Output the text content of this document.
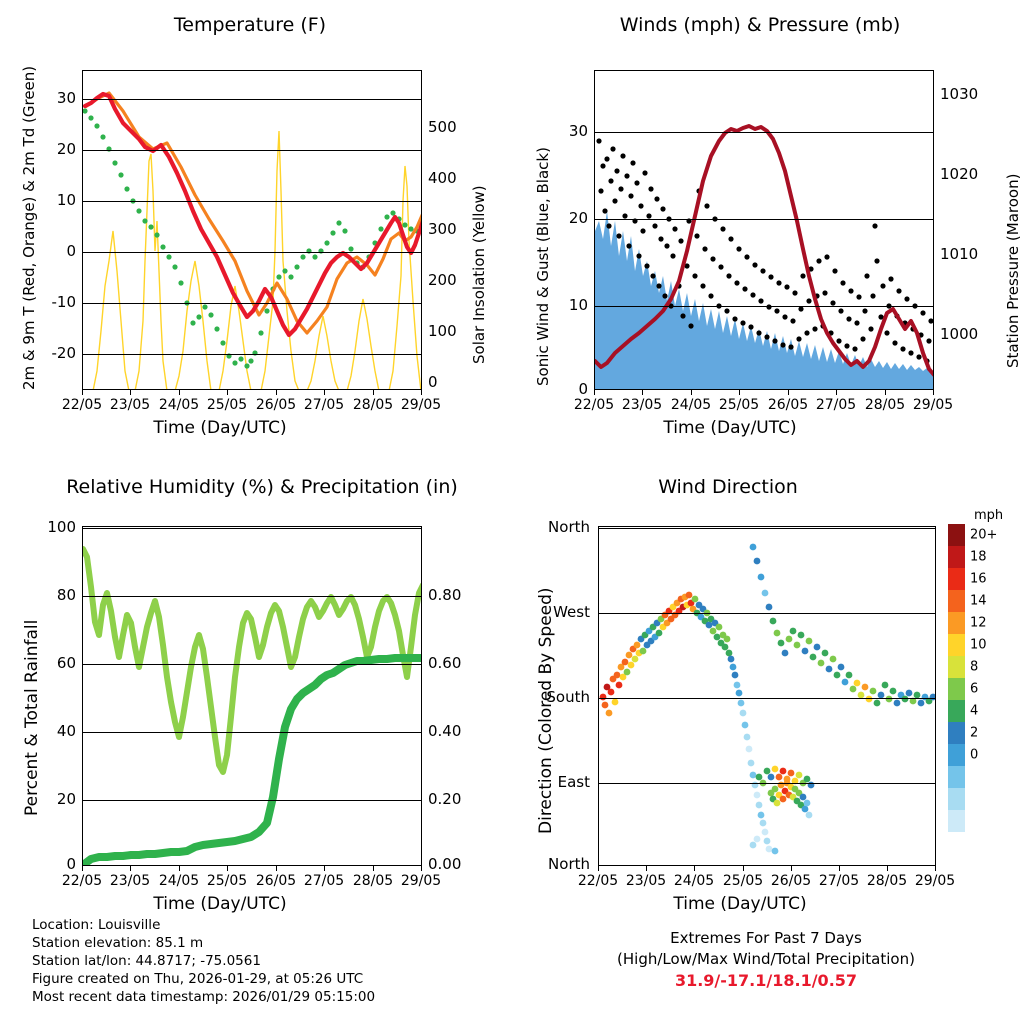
Temperature (F)
2m & 9m T (Red, Orange) & 2m Td (Green)	Solar Insolation (Yellow)
30
20
10
0
-10
-20
500
400
300
200
100
0
22/05 23/05 24/05 25/05 26/05 27/05 28/05 29/05
Time (Day/UTC)
Winds (mph) & Pressure (mb)
Sonic Wind & Gust (Blue, Black)	Station Pressure (Maroon)
30
20
10
0
1030
1020
1010
1000
22/05 23/05 24/05 25/05 26/05 27/05 28/05 29/05
Time (Day/UTC)
Relative Humidity (%) & Precipitation (in)
Percent & Total Rainfall
100
80
60
40
20
0
0.80
0.60
0.40
0.20
0.00
22/05 23/05 24/05 25/05 26/05 27/05 28/05 29/05
Time (Day/UTC)
Wind Direction
Direction (Colored By Speed)
North
West
South
East
North
22/05 23/05 24/05 25/05 26/05 27/05 28/05 29/05
Time (Day/UTC)
mph
20+
18
16
14
12
10
8
6
4
2
0
Location: Louisville
Station elevation: 85.1 m
Station lat/lon: 44.8717; -75.0561
Figure created on Thu, 2026-01-29, at 05:26 UTC
Most recent data timestamp: 2026/01/29 05:15:00
Extremes For Past 7 Days
(High/Low/Max Wind/Total Precipitation)
31.9/-17.1/18.1/0.57
